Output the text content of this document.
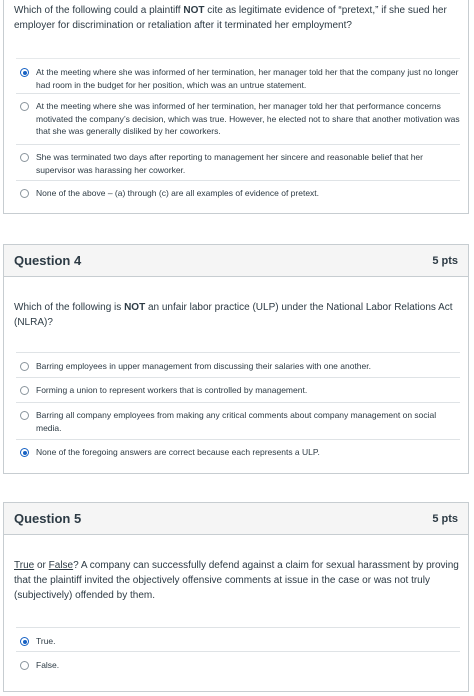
Which of the following could a plaintiff NOT cite as legitimate evidence of “pretext,” if she sued her employer for discrimination or retaliation after it terminated her employment?
At the meeting where she was informed of her termination, her manager told her that the company just no longer had room in the budget for her position, which was an untrue statement.
At the meeting where she was informed of her termination, her manager told her that performance concerns motivated the company’s decision, which was true. However, he elected not to share that another motivation was that she was generally disliked by her coworkers.
She was terminated two days after reporting to management her sincere and reasonable belief that her supervisor was harassing her coworker.
None of the above – (a) through (c) are all examples of evidence of pretext.
Question 4	5 pts
Which of the following is NOT an unfair labor practice (ULP) under the National Labor Relations Act (NLRA)?
Barring employees in upper management from discussing their salaries with one another.
Forming a union to represent workers that is controlled by management.
Barring all company employees from making any critical comments about company management on social media.
None of the foregoing answers are correct because each represents a ULP.
Question 5	5 pts
True or False? A company can successfully defend against a claim for sexual harassment by proving that the plaintiff invited the objectively offensive comments at issue in the case or was not truly (subjectively) offended by them.
True.
False.
